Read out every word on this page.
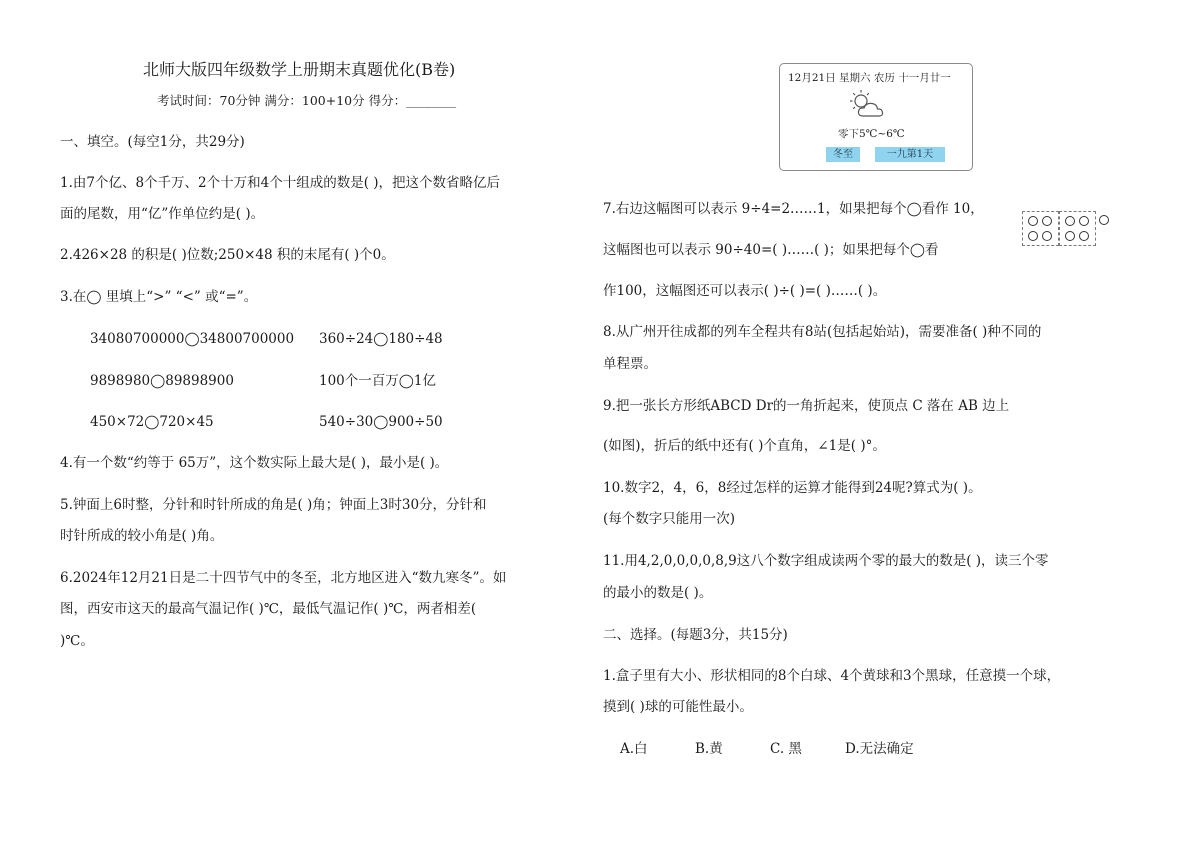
北师大版四年级数学上册期末真题优化(B卷)
考试时间：70分钟 满分：100+10分 得分：________
一、填空。(每空1分，共29分)
1.由7个亿、8个千万、2个十万和4个十组成的数是( )，把这个数省略亿后
面的尾数，用“亿”作单位约是( )。
2.426×28 的积是( )位数;250×48 积的末尾有( )个0。
3.在◯ 里填上“>” “<” 或“=”。
34080700000◯34800700000 360÷24◯180÷48
9898980◯89898900	100个一百万◯1亿
450×72◯720×45	540÷30◯900÷50
4.有一个数“约等于 65万”，这个数实际上最大是( )，最小是( )。
5.钟面上6时整，分针和时针所成的角是( )角；钟面上3时30分，分针和
时针所成的较小角是( )角。
6.2024年12月21日是二十四节气中的冬至，北方地区进入“数九寒冬”。如
图，西安市这天的最高气温记作( )℃，最低气温记作( )℃，两者相差(
)℃。
12月21日 星期六 农历 十一月廿一
零下5℃~6℃
冬至	一九第1天
7.右边这幅图可以表示 9÷4=2……1，如果把每个◯看作 10，
这幅图也可以表示 90÷40=( )……( )；如果把每个◯看
作100，这幅图还可以表示( )÷( )=( )……( )。
8.从广州开往成都的列车全程共有8站(包括起始站)，需要准备( )种不同的
单程票。
9.把一张长方形纸ABCD Dr的一角折起来，使顶点 C 落在 AB 边上
(如图)，折后的纸中还有( )个直角，∠1是( )°。
10.数字2，4，6，8经过怎样的运算才能得到24呢?算式为( )。
(每个数字只能用一次)
11.用4,2,0,0,0,0,8,9这八个数字组成读两个零的最大的数是( )，读三个零
的最小的数是( )。
二、选择。(每题3分，共15分)
1.盒子里有大小、形状相同的8个白球、4个黄球和3个黑球，任意摸一个球，
摸到( )球的可能性最小。
A.白	B.黄	C. 黑	D.无法确定
